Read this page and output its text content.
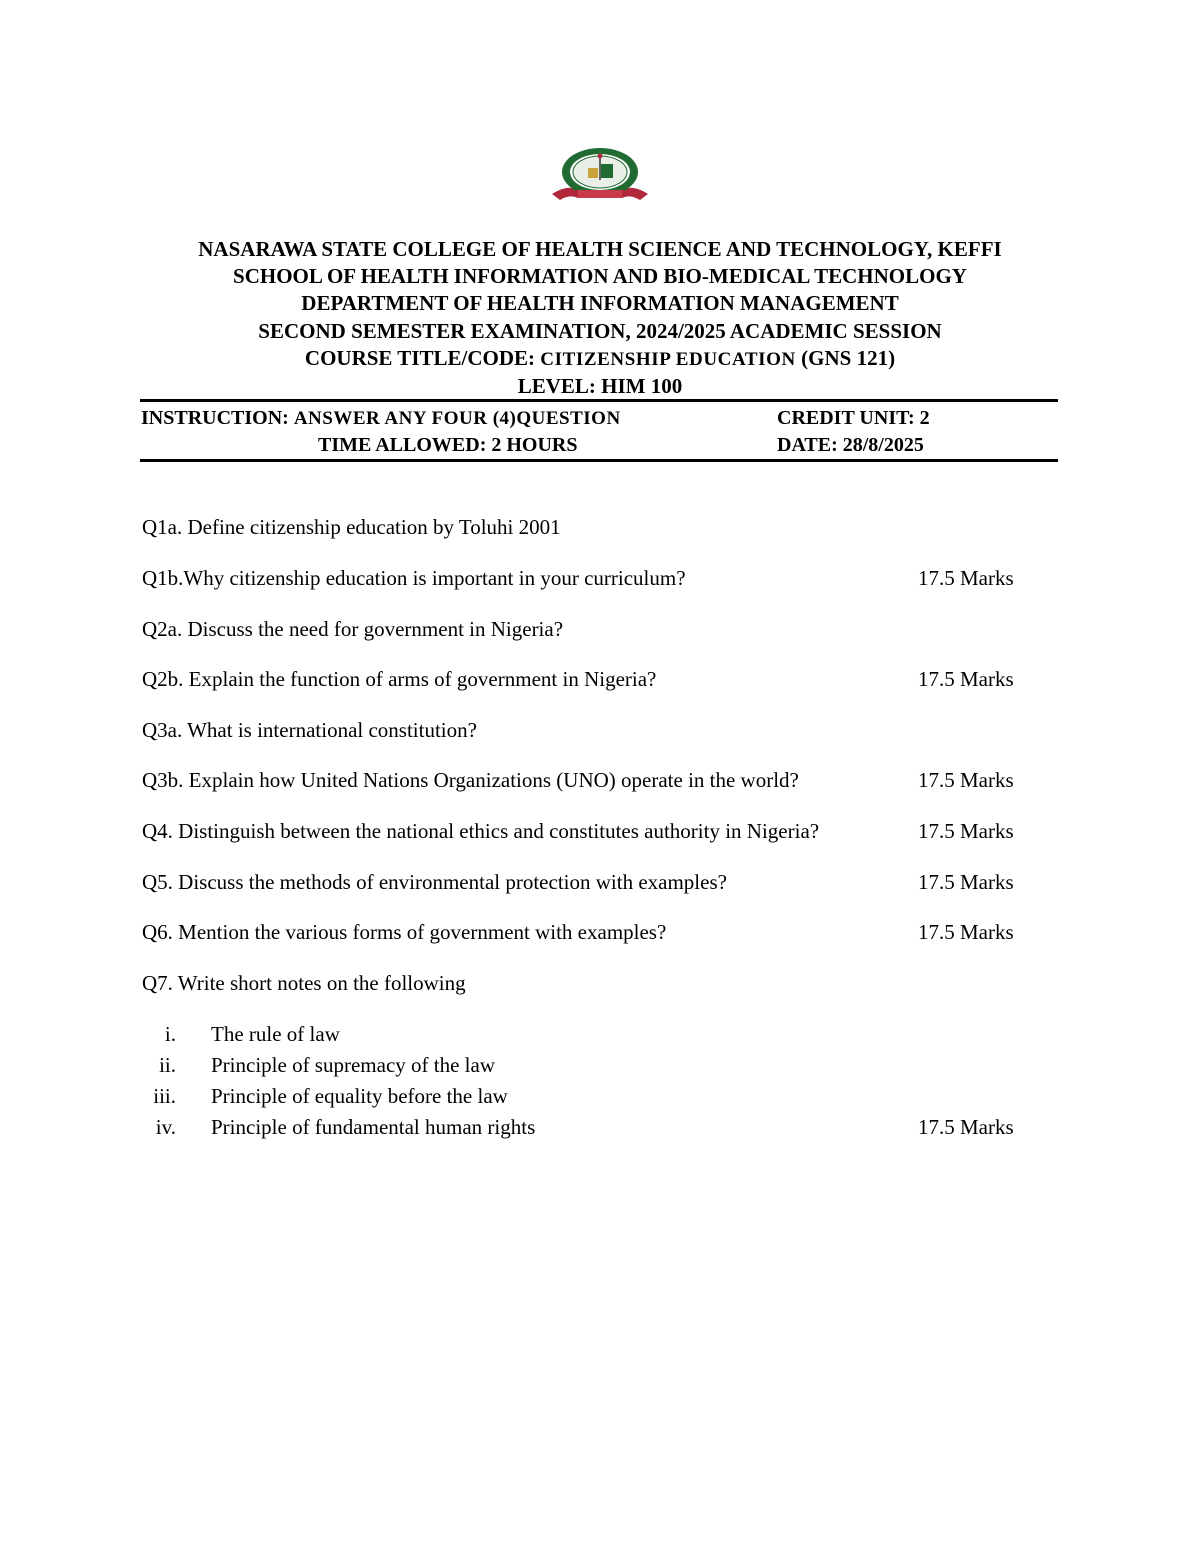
NASARAWA STATE COLLEGE OF HEALTH SCIENCE AND TECHNOLOGY, KEFFI
SCHOOL OF HEALTH INFORMATION AND BIO-MEDICAL TECHNOLOGY
DEPARTMENT OF HEALTH INFORMATION MANAGEMENT
SECOND SEMESTER EXAMINATION, 2024/2025 ACADEMIC SESSION
COURSE TITLE/CODE: CITIZENSHIP EDUCATION (GNS 121)
LEVEL: HIM 100
INSTRUCTION: ANSWER ANY FOUR (4)QUESTION	CREDIT UNIT: 2
TIME ALLOWED: 2 HOURS	DATE: 28/8/2025
Q1a. Define citizenship education by Toluhi 2001
Q1b.Why citizenship education is important in your curriculum?	17.5 Marks
Q2a. Discuss the need for government in Nigeria?
Q2b. Explain the function of arms of government in Nigeria?	17.5 Marks
Q3a. What is international constitution?
Q3b. Explain how United Nations Organizations (UNO) operate in the world?	17.5 Marks
Q4. Distinguish between the national ethics and constitutes authority in Nigeria?	17.5 Marks
Q5. Discuss the methods of environmental protection with examples?	17.5 Marks
Q6. Mention the various forms of government with examples?	17.5 Marks
Q7. Write short notes on the following
i. The rule of law
ii. Principle of supremacy of the law
iii. Principle of equality before the law
iv. Principle of fundamental human rights	17.5 Marks
